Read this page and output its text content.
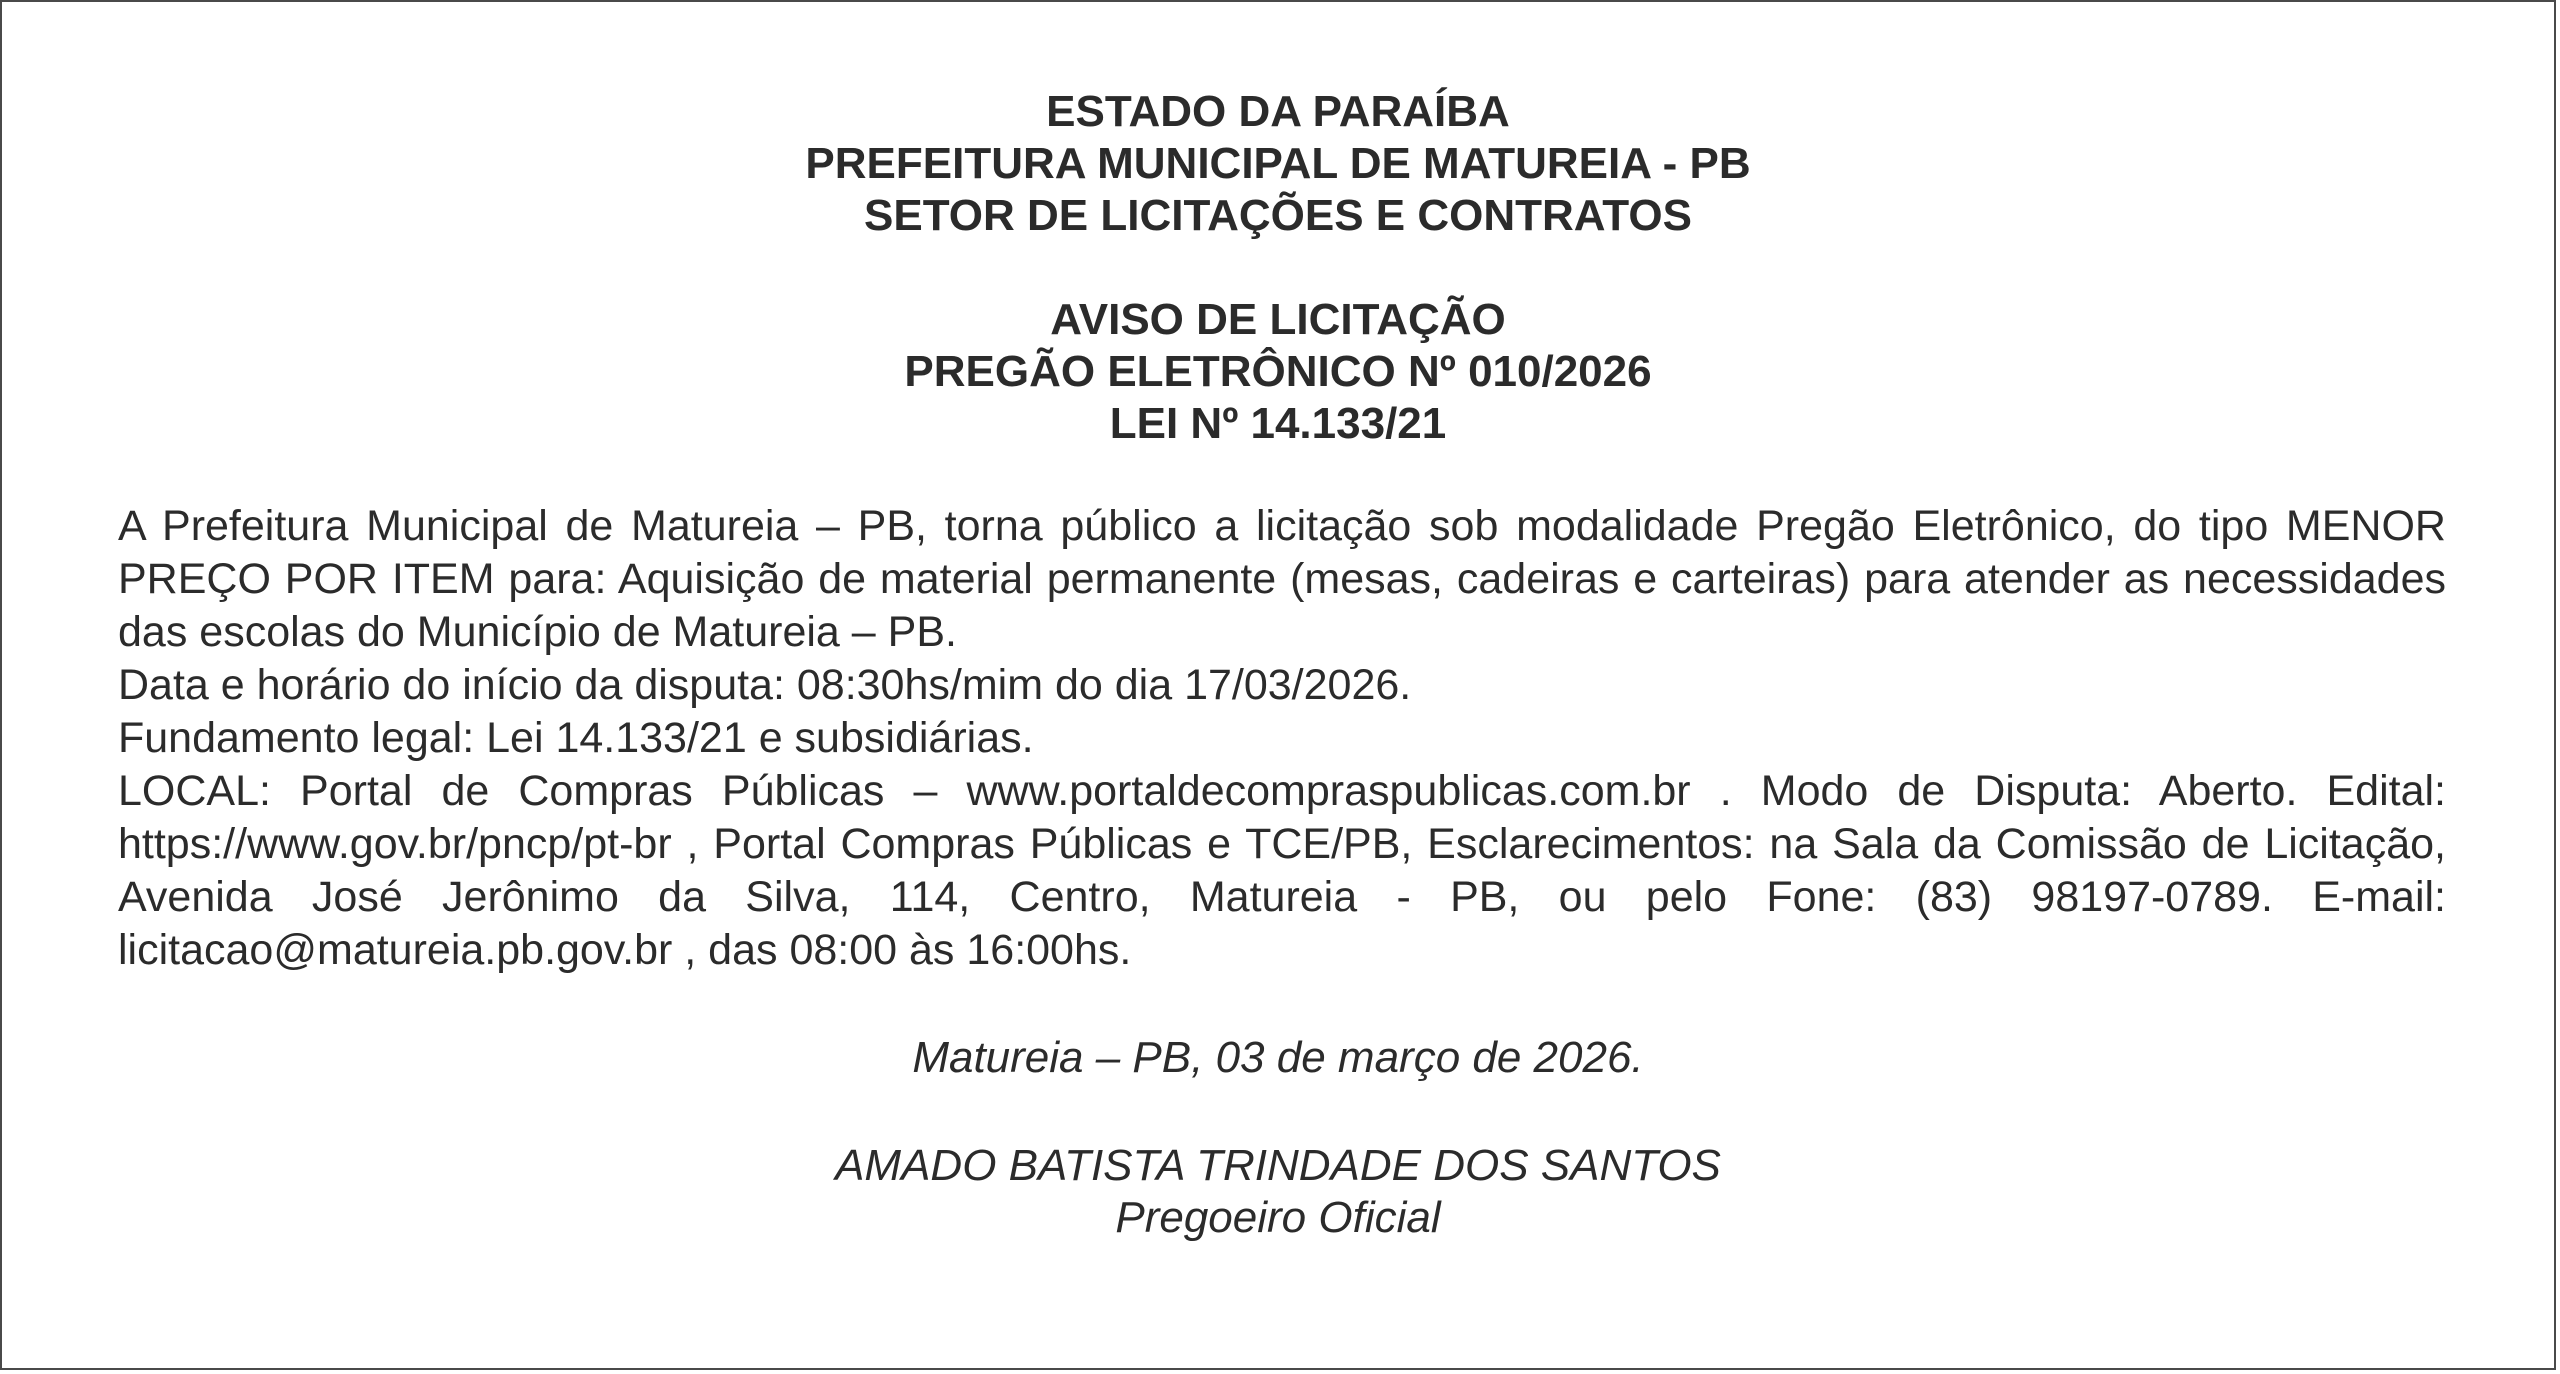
ESTADO DA PARAÍBA
PREFEITURA MUNICIPAL DE MATUREIA - PB
SETOR DE LICITAÇÕES E CONTRATOS
AVISO DE LICITAÇÃO
PREGÃO ELETRÔNICO Nº 010/2026
LEI Nº 14.133/21

A Prefeitura Municipal de Matureia – PB, torna público a licitação sob modalidade Pregão Eletrônico, do tipo MENOR PREÇO POR ITEM para: Aquisição de material permanente (mesas, cadeiras e carteiras) para atender as necessidades das escolas do Município de Matureia – PB.

Data e horário do início da disputa: 08:30hs/mim do dia 17/03/2026.

Fundamento legal: Lei 14.133/21 e subsidiárias.

LOCAL: Portal de Compras Públicas – www.portaldecompraspublicas.com.br . Modo de Disputa: Aberto. Edital: https://www.gov.br/pncp/pt-br , Portal Compras Públicas e TCE/PB, Esclarecimentos: na Sala da Comissão de Licitação, Avenida José Jerônimo da Silva, 114, Centro, Matureia - PB, ou pelo Fone: (83) 98197-0789. E-mail: licitacao@matureia.pb.gov.br , das 08:00 às 16:00hs.

Matureia – PB, 03 de março de 2026.
AMADO BATISTA TRINDADE DOS SANTOS
Pregoeiro Oficial
